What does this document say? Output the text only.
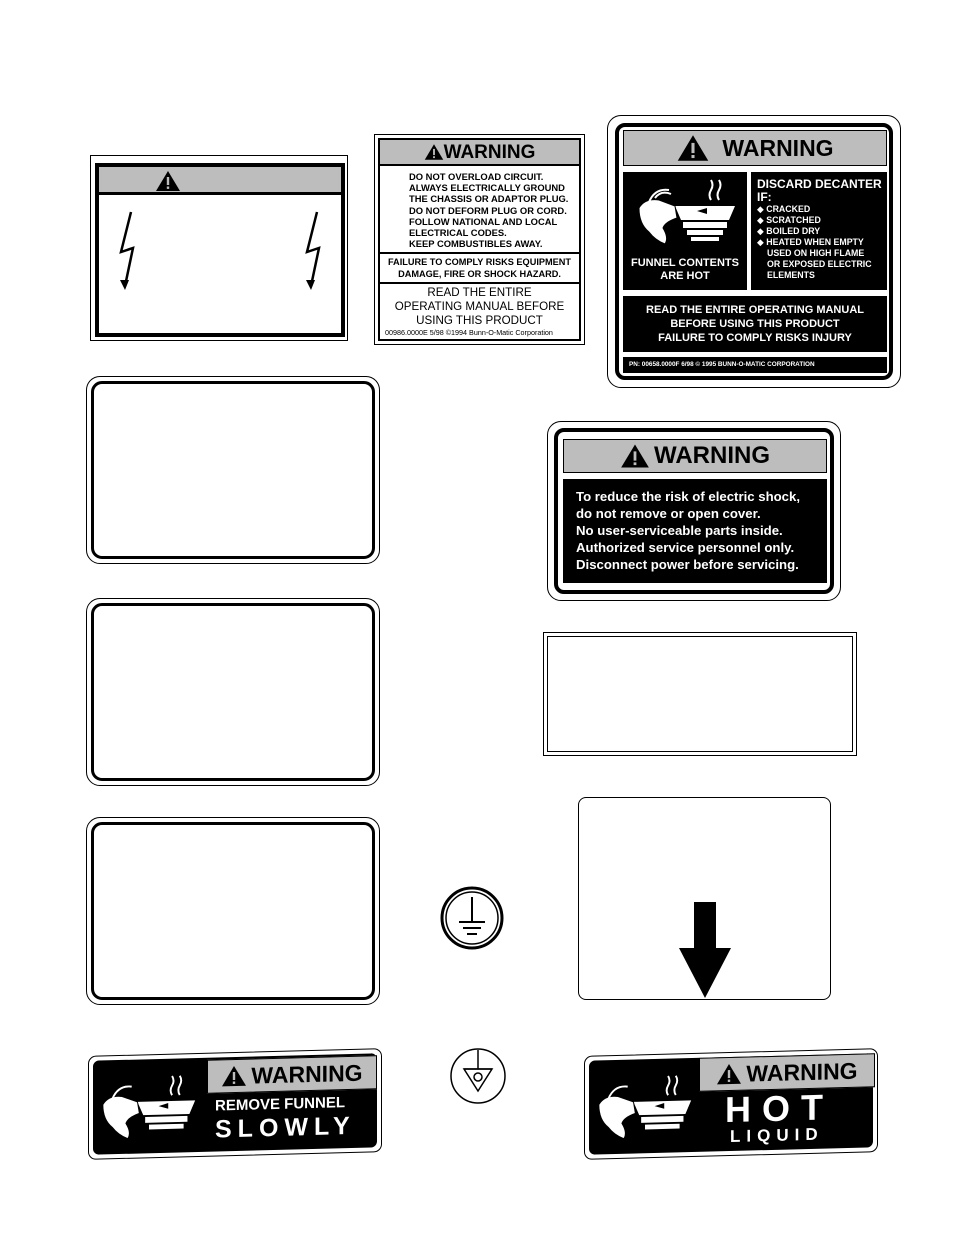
WARNING
DO NOT OVERLOAD CIRCUIT.
ALWAYS ELECTRICALLY GROUND
THE CHASSIS OR ADAPTOR PLUG.
DO NOT DEFORM PLUG OR CORD.
FOLLOW NATIONAL AND LOCAL
ELECTRICAL CODES.
KEEP COMBUSTIBLES AWAY.
FAILURE TO COMPLY RISKS EQUIPMENT
DAMAGE, FIRE OR SHOCK HAZARD.
READ THE ENTIRE
OPERATING MANUAL BEFORE
USING THIS PRODUCT
00986.0000E 5/98 ©1994 Bunn-O-Matic Corporation
WARNING
FUNNEL CONTENTS
ARE HOT
DISCARD DECANTER
IF:
◆ CRACKED
◆ SCRATCHED
◆ BOILED DRY
◆ HEATED WHEN EMPTY
USED ON HIGH FLAME
OR EXPOSED ELECTRIC
ELEMENTS
READ THE ENTIRE OPERATING MANUAL
BEFORE USING THIS PRODUCT
FAILURE TO COMPLY RISKS INJURY
PN: 00658.0000F 6/98 © 1995 BUNN-O-MATIC CORPORATION
WARNING
To reduce the risk of electric shock,
do not remove or open cover.
No user-serviceable parts inside.
Authorized service personnel only.
Disconnect power before servicing.
WARNING
REMOVE FUNNEL
SLOWLY
WARNING
HOT
LIQUID
